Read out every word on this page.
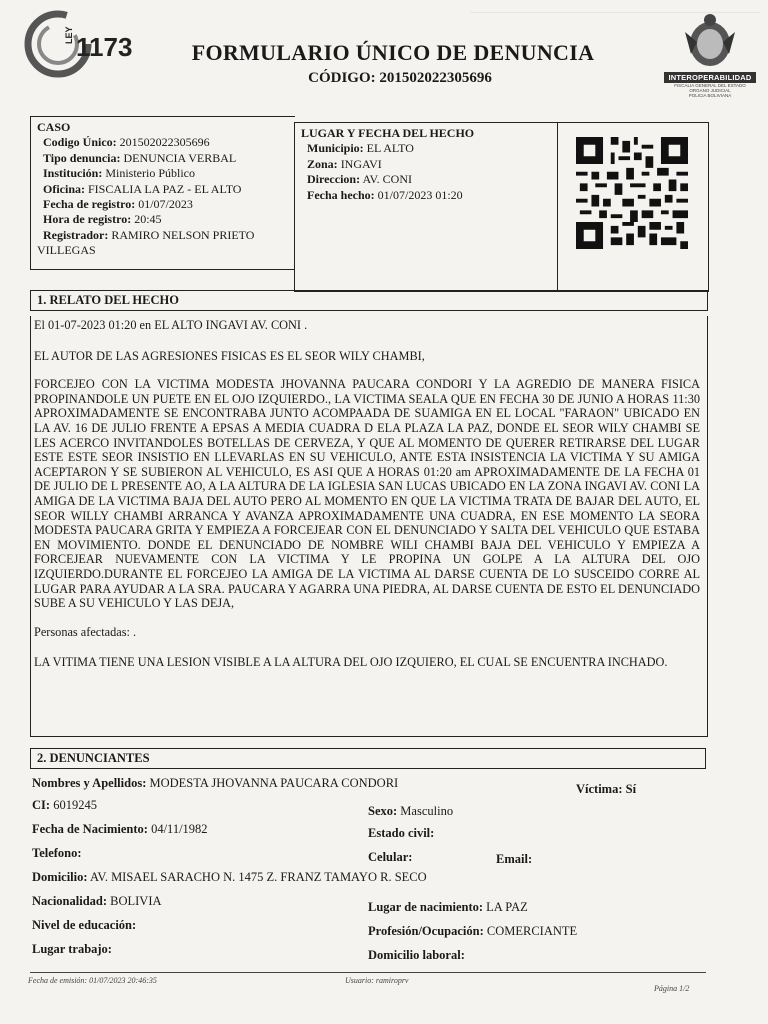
1173
LEY
FORMULARIO ÚNICO DE DENUNCIA
CÓDIGO: 201502022305696	INTEROPERABILIDAD
FISCALIA GENERAL DEL ESTADO
ORGANO JUDICIAL
POLICIA BOLIVIANA
CASO
Codigo Único: 201502022305696
Tipo denuncia: DENUNCIA VERBAL
Institución: Ministerio Público
Oficina: FISCALIA LA PAZ - EL ALTO
Fecha de registro: 01/07/2023
Hora de registro: 20:45
Registrador: RAMIRO NELSON PRIETO
VILLEGAS
LUGAR Y FECHA DEL HECHO
Municipio: EL ALTO
Zona: INGAVI
Direccion: AV. CONI
Fecha hecho: 01/07/2023 01:20
1. RELATO DEL HECHO

El 01-07-2023 01:20 en EL ALTO INGAVI AV. CONI .

EL AUTOR DE LAS AGRESIONES FISICAS ES EL SEOR WILY CHAMBI,

FORCEJEO CON LA VICTIMA MODESTA JHOVANNA PAUCARA CONDORI Y LA AGREDIO DE MANERA FISICA PROPINANDOLE UN PUETE EN EL OJO IZQUIERDO., LA VICTIMA SEALA QUE EN FECHA 30 DE JUNIO A HORAS 11:30 APROXIMADAMENTE SE ENCONTRABA JUNTO ACOMPAADA DE SUAMIGA EN EL LOCAL "FARAON" UBICADO EN LA AV. 16 DE JULIO FRENTE A EPSAS A MEDIA CUADRA D ELA PLAZA LA PAZ, DONDE EL SEOR WILY CHAMBI SE LES ACERCO INVITANDOLES BOTELLAS DE CERVEZA, Y QUE AL MOMENTO DE QUERER RETIRARSE DEL LUGAR ESTE ESTE SEOR INSISTIO EN LLEVARLAS EN SU VEHICULO, ANTE ESTA INSISTENCIA LA VICTIMA Y SU AMIGA ACEPTARON Y SE SUBIERON AL VEHICULO, ES ASI QUE A HORAS 01:20 am APROXIMADAMENTE DE LA FECHA 01 DE JULIO DE L PRESENTE AO, A LA ALTURA DE LA IGLESIA SAN LUCAS UBICADO EN LA ZONA INGAVI AV. CONI LA AMIGA DE LA VICTIMA BAJA DEL AUTO PERO AL MOMENTO EN QUE LA VICTIMA TRATA DE BAJAR DEL AUTO, EL SEOR WILLY CHAMBI ARRANCA Y AVANZA APROXIMADAMENTE UNA CUADRA, EN ESE MOMENTO LA SEORA MODESTA PAUCARA GRITA Y EMPIEZA A FORCEJEAR CON EL DENUNCIADO Y SALTA DEL VEHICULO QUE ESTABA EN MOVIMIENTO. DONDE EL DENUNCIADO DE NOMBRE WILI CHAMBI BAJA DEL VEHICULO Y EMPIEZA A FORCEJEAR NUEVAMENTE CON LA VICTIMA Y LE PROPINA UN GOLPE A LA ALTURA DEL OJO IZQUIERDO.DURANTE EL FORCEJEO LA AMIGA DE LA VICTIMA AL DARSE CUENTA DE LO SUSCEIDO CORRE AL LUGAR PARA AYUDAR A LA SRA. PAUCARA Y AGARRA UNA PIEDRA, AL DARSE CUENTA DE ESTO EL DENUNCIADO SUBE A SU VEHICULO Y LAS DEJA,

Personas afectadas: .

LA VITIMA TIENE UNA LESION VISIBLE A LA ALTURA DEL OJO IZQUIERO, EL CUAL SE ENCUENTRA INCHADO.

2. DENUNCIANTES
Nombres y Apellidos: MODESTA JHOVANNA PAUCARA CONDORI	Víctima: Sí
CI: 6019245	Sexo: Masculino
Fecha de Nacimiento: 04/11/1982	Estado civil:
Telefono:	Celular:	Email:
Domicilio: AV. MISAEL SARACHO N. 1475 Z. FRANZ TAMAYO R. SECO
Nacionalidad: BOLIVIA	Lugar de nacimiento: LA PAZ
Nivel de educación:	Profesión/Ocupación: COMERCIANTE
Lugar trabajo:	Domicilio laboral:
Fecha de emisión: 01/07/2023 20:46:35	Usuario: ramiroprv
Página 1/2
